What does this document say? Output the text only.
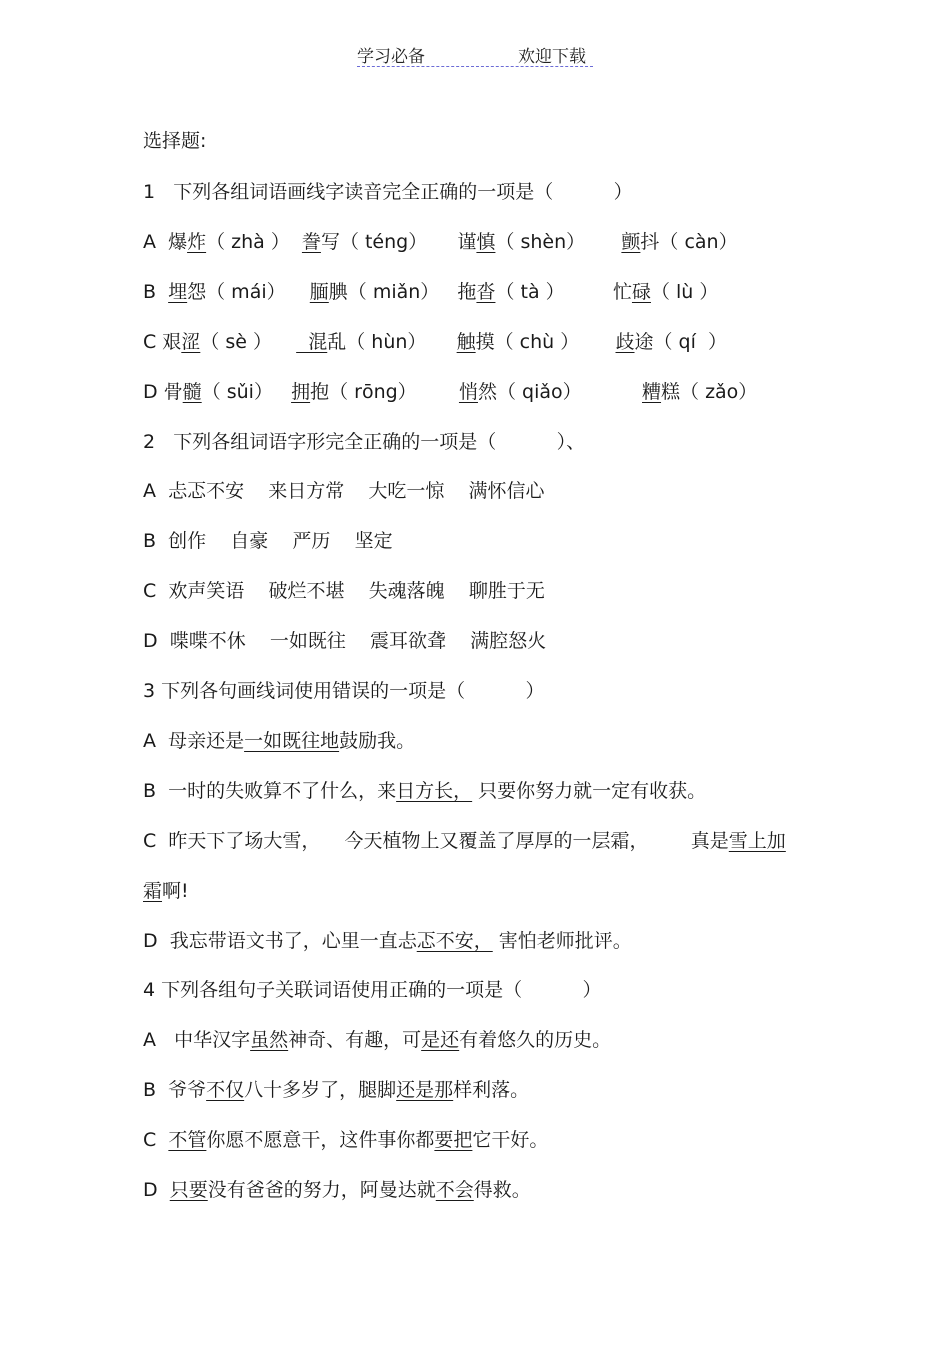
学习必备	欢迎下载
选择题:
1   下列各组词语画线字读音完全正确的一项是（          ）
A  爆炸（ zhà ）  誊写（ téng）     谨慎（ shèn）      颤抖（ càn）
B  埋怨（ mái）    腼腆（ miǎn）   拖沓（ tà ）        忙碌（ lù ）
C 艰涩（ sè ）      混乱（ hùn）     触摸（ chù ）      歧途（ qí  ）
D 骨髓（ sǔi）   拥抱（ rōng）       悄然（ qiǎo）          糟糕（ zǎo）
2   下列各组词语字形完全正确的一项是（          ）、
A  忐忑不安    来日方常    大吃一惊    满怀信心
B  创作    自豪    严历    坚定
C  欢声笑语    破烂不堪    失魂落魄    聊胜于无
D  喋喋不休    一如既往    震耳欲聋    满腔怒火
3 下列各句画线词使用错误的一项是（          ）
A  母亲还是一如既往地鼓励我。
B  一时的失败算不了什么，来日方长， 只要你努力就一定有收获。
C  昨天下了场大雪，    今天植物上又覆盖了厚厚的一层霜，       真是雪上加
霜啊!
D  我忘带语文书了，心里一直忐忑不安， 害怕老师批评。
4 下列各组句子关联词语使用正确的一项是（          ）
A   中华汉字虽然神奇、有趣，可是还有着悠久的历史。
B  爷爷不仅八十多岁了，腿脚还是那样利落。
C  不管你愿不愿意干，这件事你都要把它干好。
D  只要没有爸爸的努力，阿曼达就不会得救。
